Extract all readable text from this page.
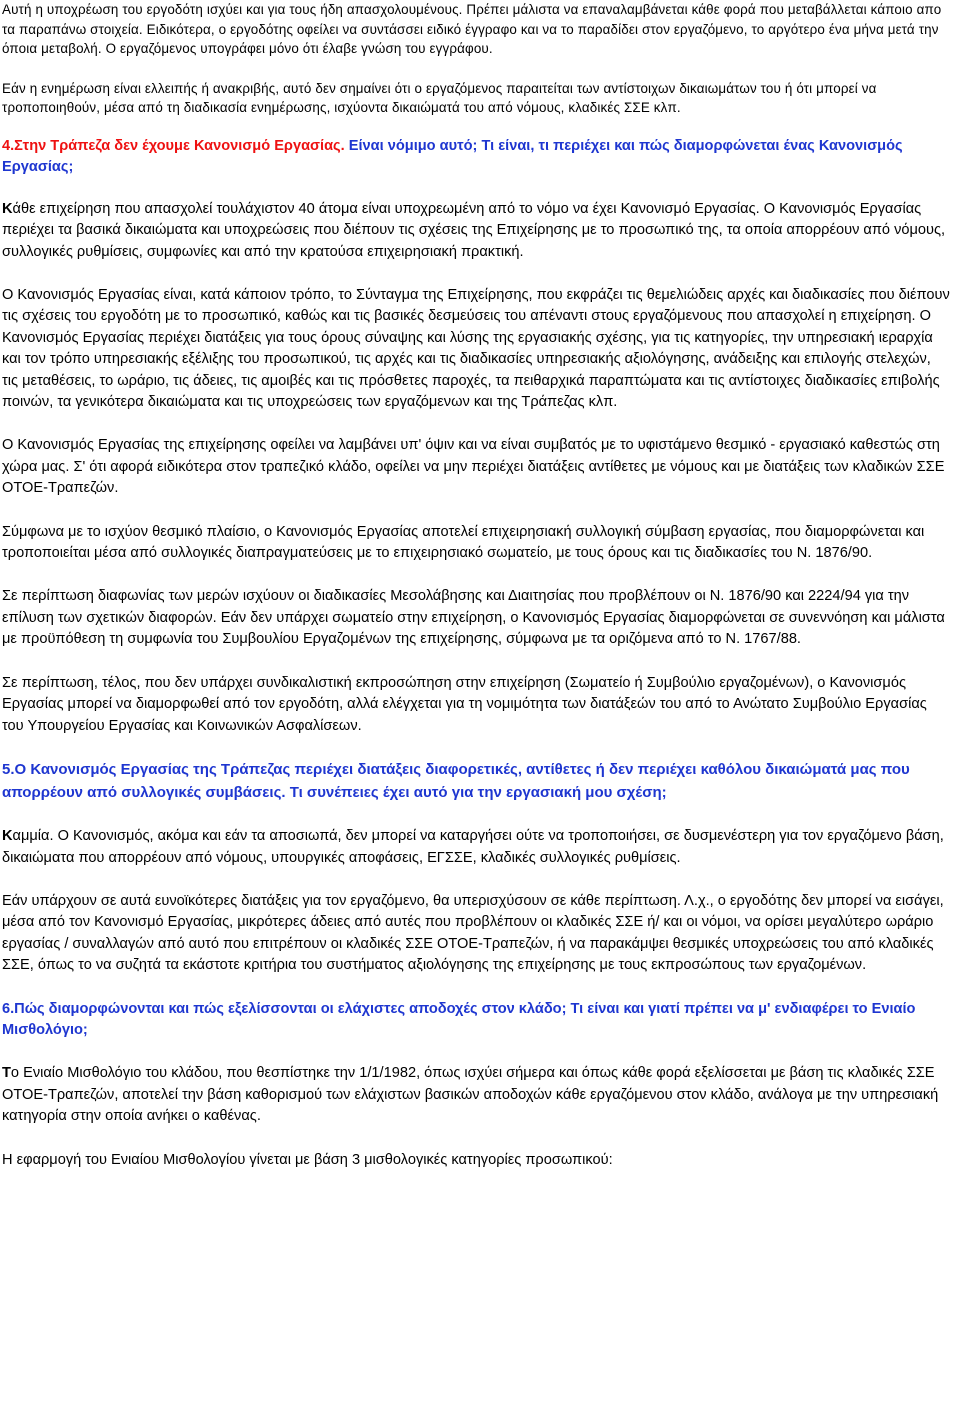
Αυτή η υποχρέωση του εργοδότη ισχύει και για τους ήδη απασχολουμένους. Πρέπει μάλιστα να επαναλαμβάνεται κάθε φορά που μεταβάλλεται κάποιο απο τα παραπάνω στοιχεία. Ειδικότερα, ο εργοδότης οφείλει να συντάσσει ειδικό έγγραφο και να το παραδίδει στον εργαζόμενο, το αργότερο ένα μήνα μετά την όποια μεταβολή. Ο εργαζόμενος υπογράφει μόνο ότι έλαβε γνώση του εγγράφου.

Εάν η ενημέρωση είναι ελλειπής ή ανακριβής, αυτό δεν σημαίνει ότι ο εργαζόμενος παραιτείται των αντίστοιχων δικαιωμάτων του ή ότι μπορεί να τροποποιηθούν, μέσα από τη διαδικασία ενημέρωσης, ισχύοντα δικαιώματά του από νόμους, κλαδικές ΣΣΕ κλπ.

4.Στην Τράπεζα δεν έχουμε Κανονισμό Εργασίας. Είναι νόμιμο αυτό; Τι είναι, τι περιέχει και πώς διαμορφώνεται ένας Κανονισμός Εργασίας;

Κάθε επιχείρηση που απασχολεί τουλάχιστον 40 άτομα είναι υποχρεωμένη από το νόμο να έχει Κανονισμό Εργασίας. Ο Κανονισμός Εργασίας περιέχει τα βασικά δικαιώματα και υποχρεώσεις που διέπουν τις σχέσεις της Επιχείρησης με το προσωπικό της, τα οποία απορρέουν από νόμους, συλλογικές ρυθμίσεις, συμφωνίες και από την κρατούσα επιχειρησιακή πρακτική.

Ο Κανονισμός Εργασίας είναι, κατά κάποιον τρόπο, το Σύνταγμα της Επιχείρησης, που εκφράζει τις θεμελιώδεις αρχές και διαδικασίες που διέπουν τις σχέσεις του εργοδότη με το προσωπικό, καθώς και τις βασικές δεσμεύσεις του απέναντι στους εργαζόμενους που απασχολεί η επιχείρηση. Ο Κανονισμός Εργασίας περιέχει διατάξεις για τους όρους σύναψης και λύσης της εργασιακής σχέσης, για τις κατηγορίες, την υπηρεσιακή ιεραρχία και τον τρόπο υπηρεσιακής εξέλιξης του προσωπικού, τις αρχές και τις διαδικασίες υπηρεσιακής αξιολόγησης, ανάδειξης και επιλογής στελεχών, τις μεταθέσεις, το ωράριο, τις άδειες, τις αμοιβές και τις πρόσθετες παροχές, τα πειθαρχικά παραπτώματα και τις αντίστοιχες διαδικασίες επιβολής ποινών, τα γενικότερα δικαιώματα και τις υποχρεώσεις των εργαζόμενων και της Τράπεζας κλπ.

Ο Κανονισμός Εργασίας της επιχείρησης οφείλει να λαμβάνει υπ' όψιν και να είναι συμβατός με το υφιστάμενο θεσμικό - εργασιακό καθεστώς στη χώρα μας. Σ' ότι αφορά ειδικότερα στον τραπεζικό κλάδο, οφείλει να μην περιέχει διατάξεις αντίθετες με νόμους και με διατάξεις των κλαδικών ΣΣΕ ΟΤΟΕ-Τραπεζών.

Σύμφωνα με το ισχύον θεσμικό πλαίσιο, ο Κανονισμός Εργασίας αποτελεί επιχειρησιακή συλλογική σύμβαση εργασίας, που διαμορφώνεται και τροποποιείται μέσα από συλλογικές διαπραγματεύσεις με το επιχειρησιακό σωματείο, με τους όρους και τις διαδικασίες του Ν. 1876/90.

Σε περίπτωση διαφωνίας των μερών ισχύουν οι διαδικασίες Μεσολάβησης και Διαιτησίας που προβλέπουν οι Ν. 1876/90 και 2224/94 για την επίλυση των σχετικών διαφορών. Εάν δεν υπάρχει σωματείο στην επιχείρηση, ο Κανονισμός Εργασίας διαμορφώνεται σε συνεννόηση και μάλιστα με προϋπόθεση τη συμφωνία του Συμβουλίου Εργαζομένων της επιχείρησης, σύμφωνα με τα οριζόμενα από το Ν. 1767/88.

Σε περίπτωση, τέλος, που δεν υπάρχει συνδικαλιστική εκπροσώπηση στην επιχείρηση (Σωματείο ή Συμβούλιο εργαζομένων), ο Κανονισμός Εργασίας μπορεί να διαμορφωθεί από τον εργοδότη, αλλά ελέγχεται για τη νομιμότητα των διατάξεών του από το Ανώτατο Συμβούλιο Εργασίας του Υπουργείου Εργασίας και Κοινωνικών Ασφαλίσεων.

5.Ο Κανονισμός Εργασίας της Τράπεζας περιέχει διατάξεις διαφορετικές, αντίθετες ή δεν περιέχει καθόλου δικαιώματά μας που απορρέουν από συλλογικές συμβάσεις. Τι συνέπειες έχει αυτό για την εργασιακή μου σχέση;

Καμμία. Ο Κανονισμός, ακόμα και εάν τα αποσιωπά, δεν μπορεί να καταργήσει ούτε να τροποποιήσει, σε δυσμενέστερη για τον εργαζόμενο βάση, δικαιώματα που απορρέουν από νόμους, υπουργικές αποφάσεις, ΕΓΣΣΕ, κλαδικές συλλογικές ρυθμίσεις.

Εάν υπάρχουν σε αυτά ευνοϊκότερες διατάξεις για τον εργαζόμενο, θα υπερισχύσουν σε κάθε περίπτωση. Λ.χ., ο εργοδότης δεν μπορεί να εισάγει, μέσα από τον Κανονισμό Εργασίας, μικρότερες άδειες από αυτές που προβλέπουν οι κλαδικές ΣΣΕ ή/ και οι νόμοι, να ορίσει μεγαλύτερο ωράριο εργασίας / συναλλαγών από αυτό που επιτρέπουν οι κλαδικές ΣΣΕ ΟΤΟΕ-Τραπεζών, ή να παρακάμψει θεσμικές υποχρεώσεις του από κλαδικές ΣΣΕ, όπως το να συζητά τα εκάστοτε κριτήρια του συστήματος αξιολόγησης της επιχείρησης με τους εκπροσώπους των εργαζομένων.

6.Πώς διαμορφώνονται και πώς εξελίσσονται οι ελάχιστες αποδοχές στον κλάδο; Τι είναι και γιατί πρέπει να μ' ενδιαφέρει το Ενιαίο Μισθολόγιο;

Το Ενιαίο Μισθολόγιο του κλάδου, που θεσπίστηκε την 1/1/1982, όπως ισχύει σήμερα και όπως κάθε φορά εξελίσσεται με βάση τις κλαδικές ΣΣΕ ΟΤΟΕ-Τραπεζών, αποτελεί την βάση καθορισμού των ελάχιστων βασικών αποδοχών κάθε εργαζόμενου στον κλάδο, ανάλογα με την υπηρεσιακή κατηγορία στην οποία ανήκει ο καθένας.

Η εφαρμογή του Ενιαίου Μισθολογίου γίνεται με βάση 3 μισθολογικές κατηγορίες προσωπικού:
